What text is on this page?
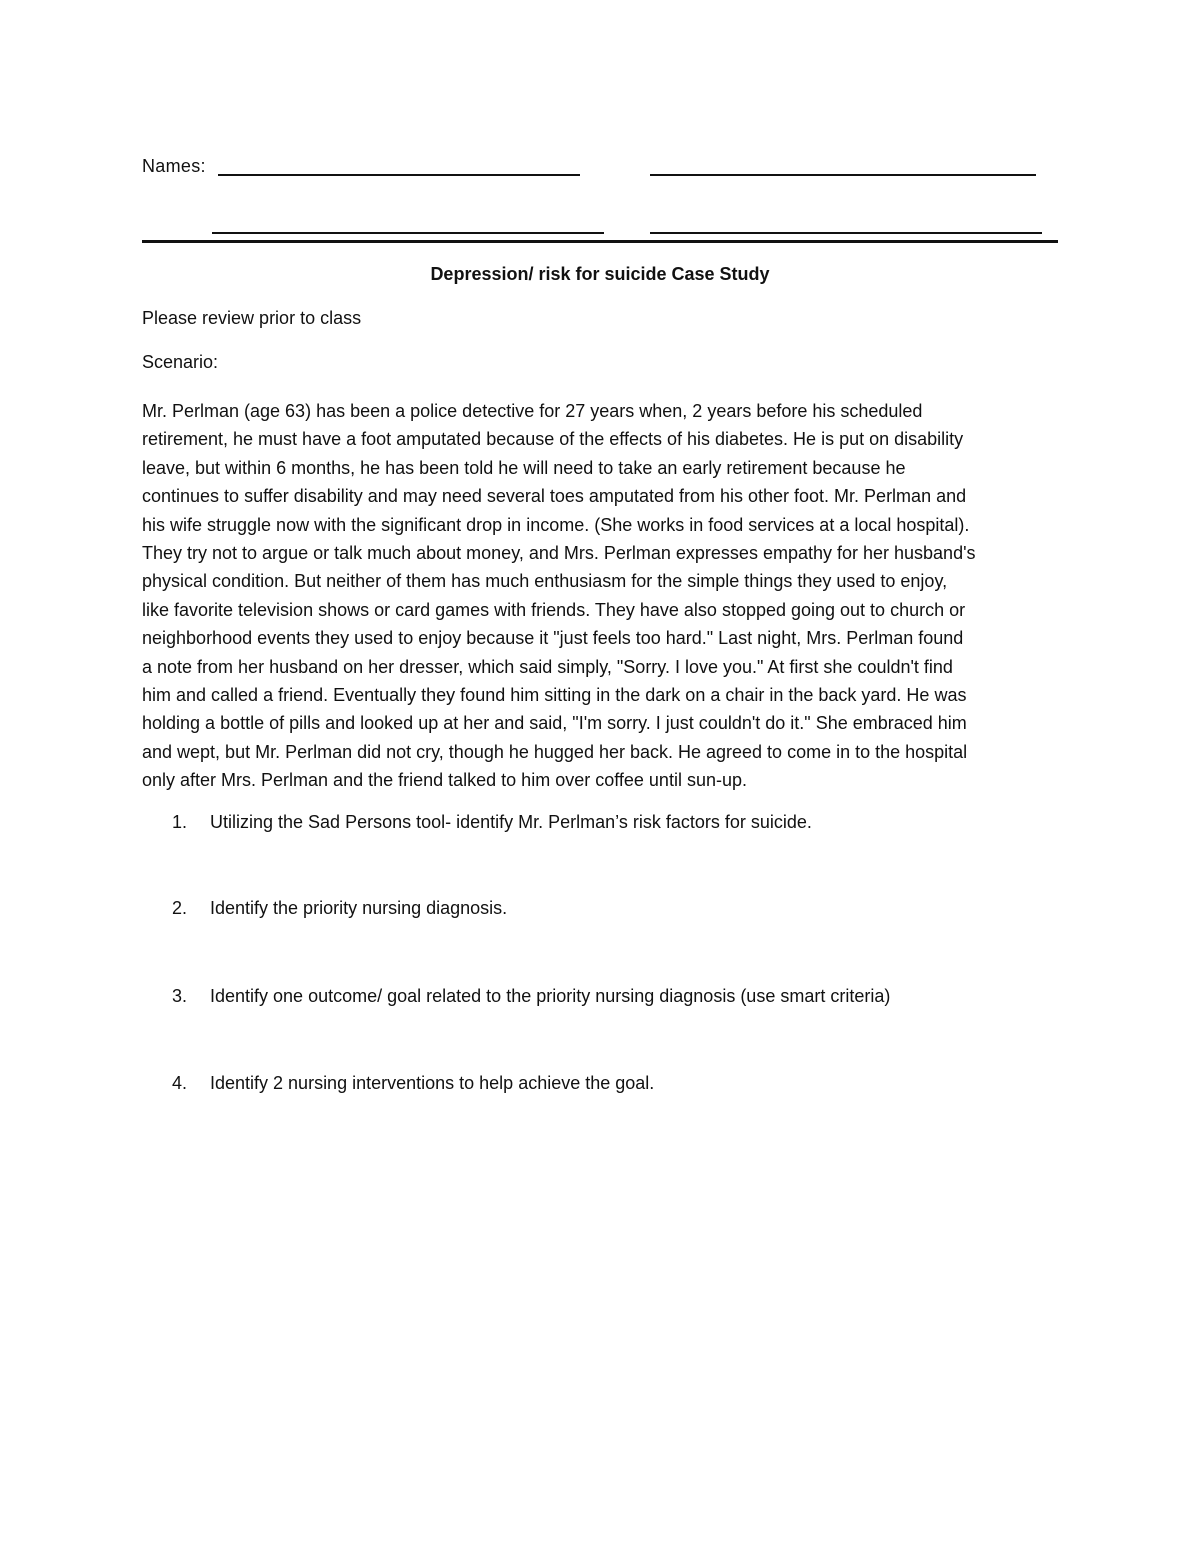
Names:
Depression/ risk for suicide Case Study
Please review prior to class
Scenario:
Mr. Perlman (age 63) has been a police detective for 27 years when, 2 years before his scheduled
retirement, he must have a foot amputated because of the effects of his diabetes. He is put on disability
leave, but within 6 months, he has been told he will need to take an early retirement because he
continues to suffer disability and may need several toes amputated from his other foot. Mr. Perlman and
his wife struggle now with the significant drop in income. (She works in food services at a local hospital).
They try not to argue or talk much about money, and Mrs. Perlman expresses empathy for her husband's
physical condition. But neither of them has much enthusiasm for the simple things they used to enjoy,
like favorite television shows or card games with friends. They have also stopped going out to church or
neighborhood events they used to enjoy because it "just feels too hard." Last night, Mrs. Perlman found
a note from her husband on her dresser, which said simply, "Sorry. I love you." At first she couldn't find
him and called a friend. Eventually they found him sitting in the dark on a chair in the back yard. He was
holding a bottle of pills and looked up at her and said, "I'm sorry. I just couldn't do it." She embraced him
and wept, but Mr. Perlman did not cry, though he hugged her back. He agreed to come in to the hospital
only after Mrs. Perlman and the friend talked to him over coffee until sun-up.
1. Utilizing the Sad Persons tool- identify Mr. Perlman’s risk factors for suicide.
2. Identify the priority nursing diagnosis.
3. Identify one outcome/ goal related to the priority nursing diagnosis (use smart criteria)
4. Identify 2 nursing interventions to help achieve the goal.
